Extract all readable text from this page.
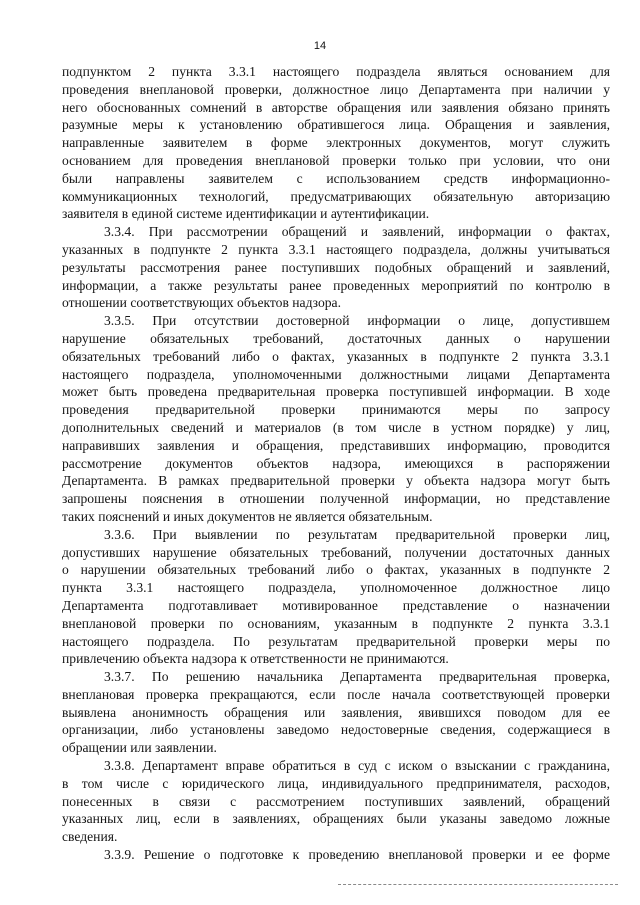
14
подпунктом 2 пункта 3.3.1 настоящего подраздела являться основанием для
проведения внеплановой проверки, должностное лицо Департамента при наличии у
него обоснованных сомнений в авторстве обращения или заявления обязано принять
разумные меры к установлению обратившегося лица. Обращения и заявления,
направленные заявителем в форме электронных документов, могут служить
основанием для проведения внеплановой проверки только при условии, что они
были направлены заявителем с использованием средств информационно-
коммуникационных технологий, предусматривающих обязательную авторизацию
заявителя в единой системе идентификации и аутентификации.
3.3.4. При рассмотрении обращений и заявлений, информации о фактах,
указанных в подпункте 2 пункта 3.3.1 настоящего подраздела, должны учитываться
результаты рассмотрения ранее поступивших подобных обращений и заявлений,
информации, а также результаты ранее проведенных мероприятий по контролю в
отношении соответствующих объектов надзора.
3.3.5. При отсутствии достоверной информации о лице, допустившем
нарушение обязательных требований, достаточных данных о нарушении
обязательных требований либо о фактах, указанных в подпункте 2 пункта 3.3.1
настоящего подраздела, уполномоченными должностными лицами Департамента
может быть проведена предварительная проверка поступившей информации. В ходе
проведения предварительной проверки принимаются меры по запросу
дополнительных сведений и материалов (в том числе в устном порядке) у лиц,
направивших заявления и обращения, представивших информацию, проводится
рассмотрение документов объектов надзора, имеющихся в распоряжении
Департамента. В рамках предварительной проверки у объекта надзора могут быть
запрошены пояснения в отношении полученной информации, но представление
таких пояснений и иных документов не является обязательным.
3.3.6. При выявлении по результатам предварительной проверки лиц,
допустивших нарушение обязательных требований, получении достаточных данных
о нарушении обязательных требований либо о фактах, указанных в подпункте 2
пункта 3.3.1 настоящего подраздела, уполномоченное должностное лицо
Департамента подготавливает мотивированное представление о назначении
внеплановой проверки по основаниям, указанным в подпункте 2 пункта 3.3.1
настоящего подраздела. По результатам предварительной проверки меры по
привлечению объекта надзора к ответственности не принимаются.
3.3.7. По решению начальника Департамента предварительная проверка,
внеплановая проверка прекращаются, если после начала соответствующей проверки
выявлена анонимность обращения или заявления, явившихся поводом для ее
организации, либо установлены заведомо недостоверные сведения, содержащиеся в
обращении или заявлении.
3.3.8. Департамент вправе обратиться в суд с иском о взыскании с гражданина,
в том числе с юридического лица, индивидуального предпринимателя, расходов,
понесенных в связи с рассмотрением поступивших заявлений, обращений
указанных лиц, если в заявлениях, обращениях были указаны заведомо ложные
сведения.
3.3.9. Решение о подготовке к проведению внеплановой проверки и ее форме
